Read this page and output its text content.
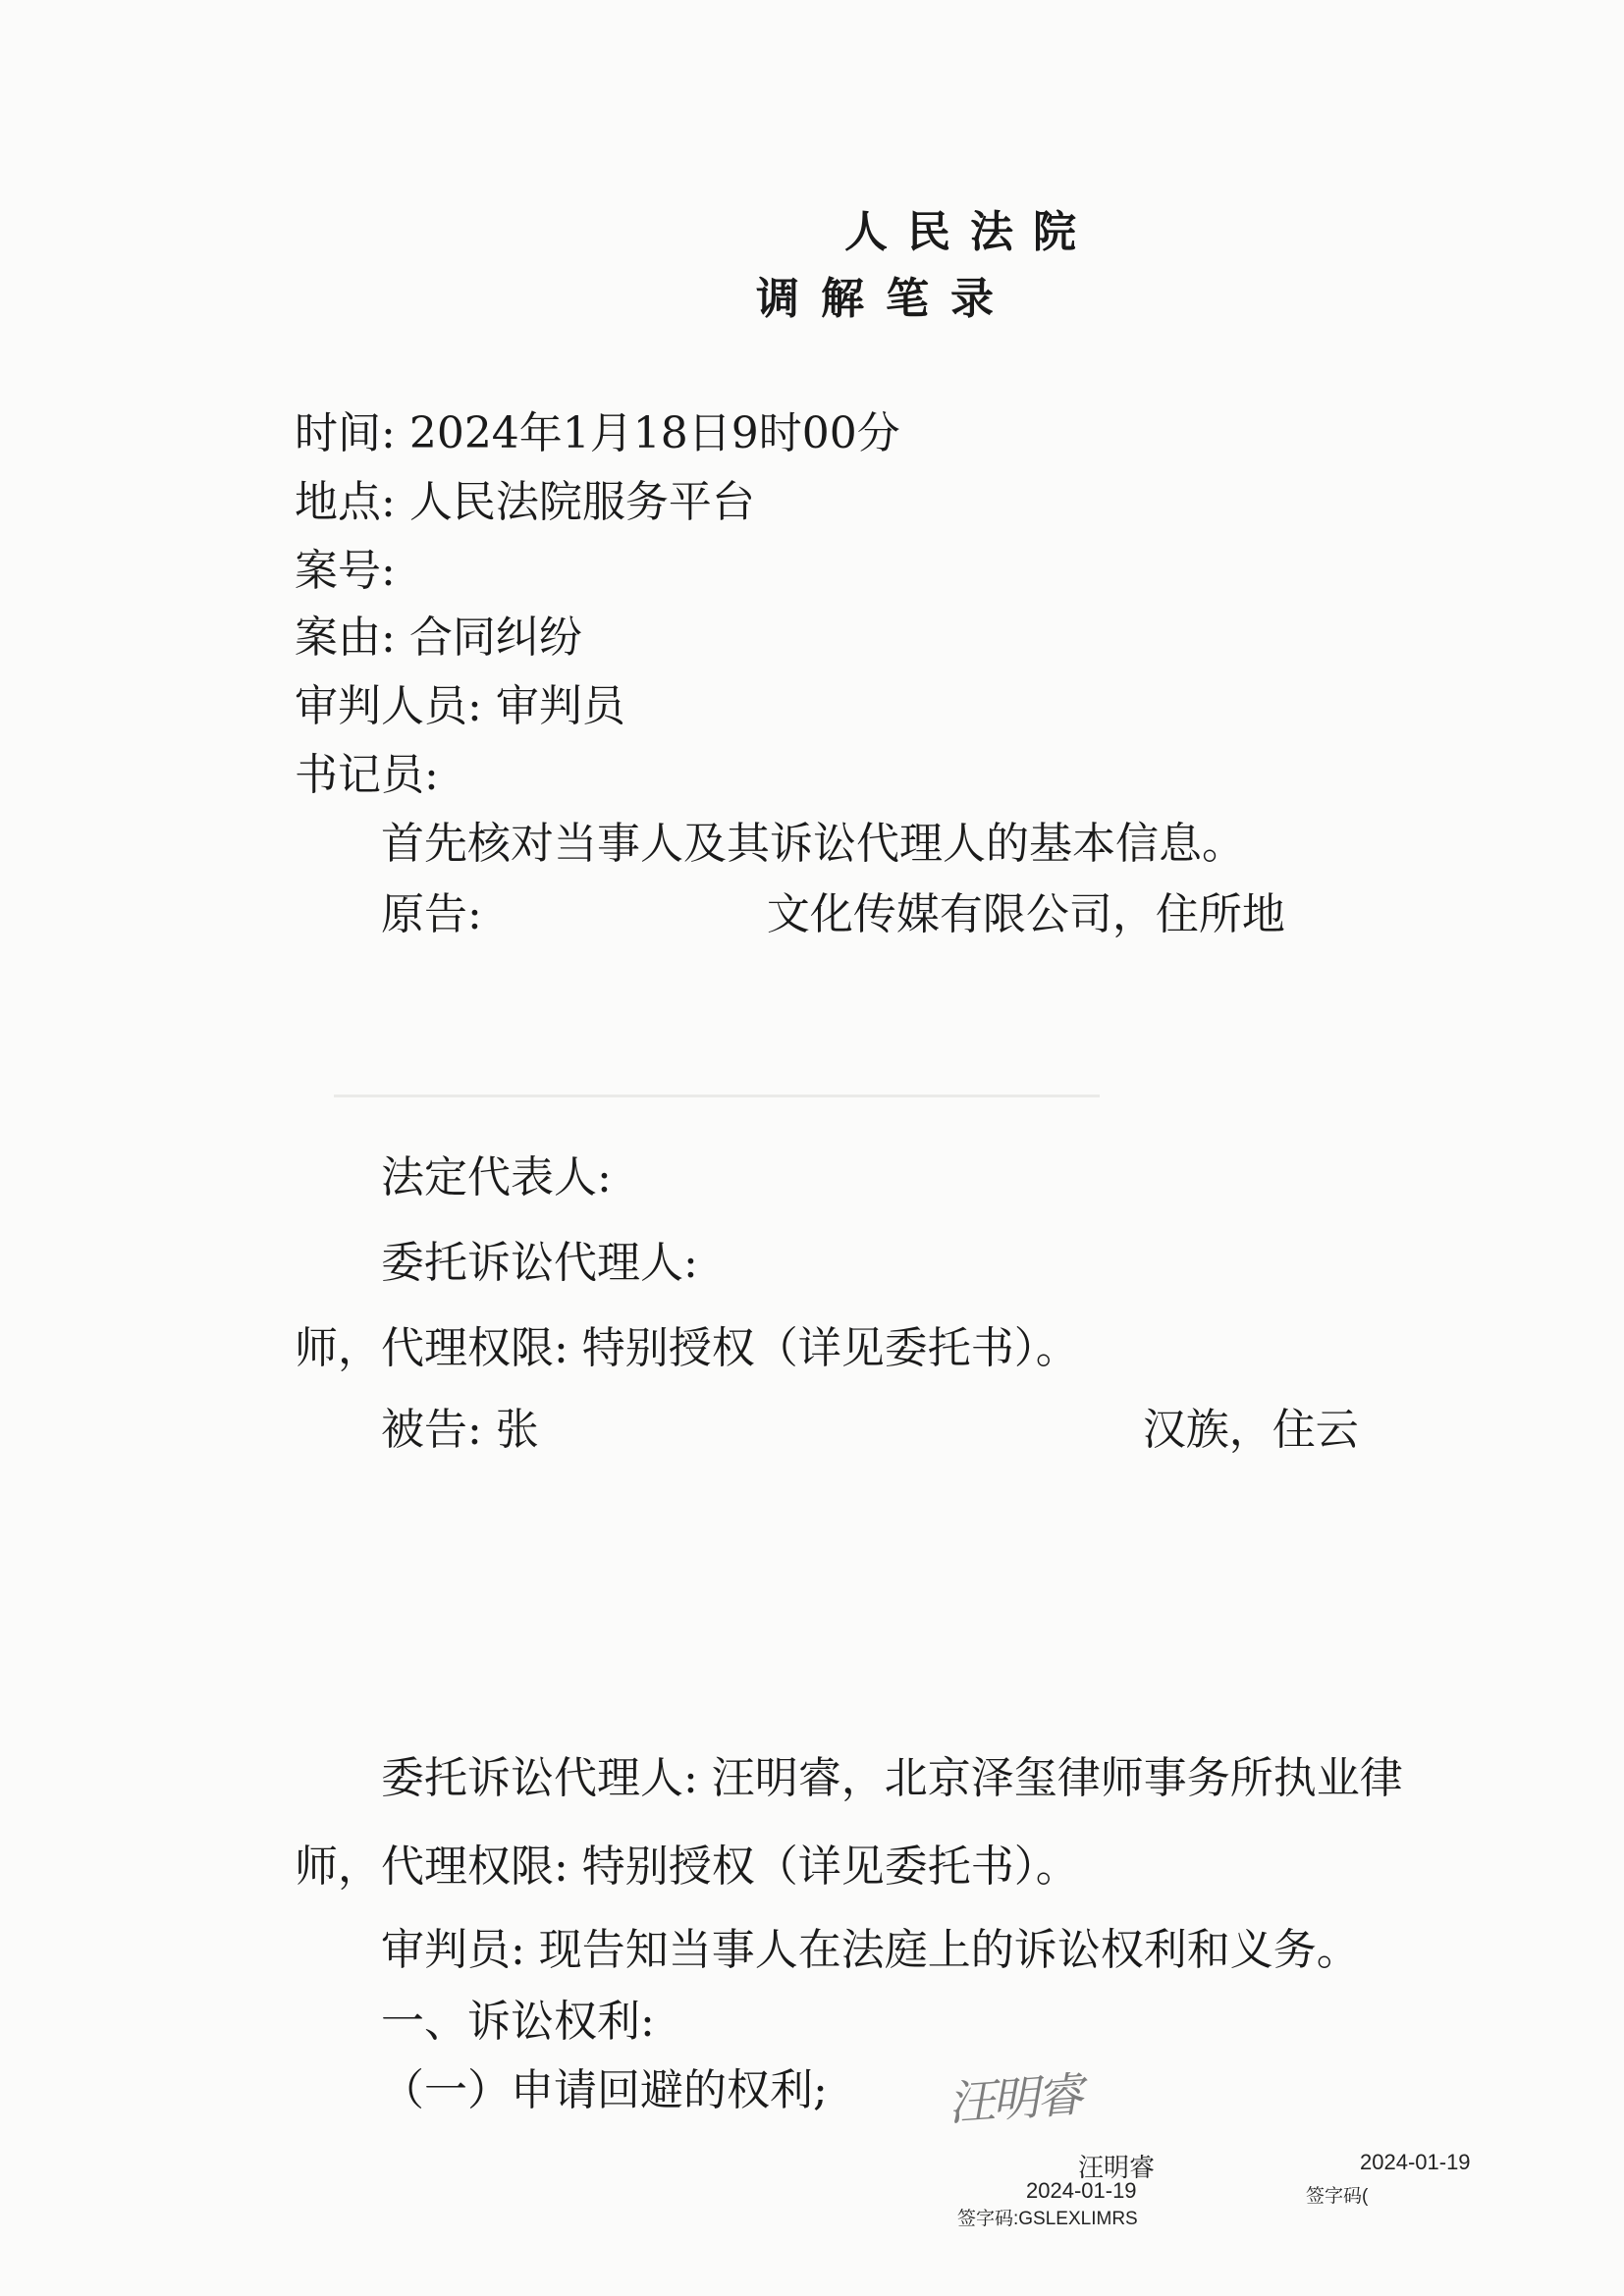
人民法院
调解笔录
时间: 2024年1月18日9时00分
地点: 人民法院服务平台
案号:
案由: 合同纠纷
审判人员: 审判员
书记员:
首先核对当事人及其诉讼代理人的基本信息。
原告:	文化传媒有限公司，住所地
法定代表人:
委托诉讼代理人:
师，代理权限: 特别授权（详见委托书）。
被告: 张	汉族，住云
委托诉讼代理人: 汪明睿，北京泽玺律师事务所执业律
师，代理权限: 特别授权（详见委托书）。
审判员: 现告知当事人在法庭上的诉讼权利和义务。
一、诉讼权利:
（一）申请回避的权利;	汪明睿
汪明睿
2024-01-19
签字码:GSLEXLIMRS
2024-01-19
签字码(
